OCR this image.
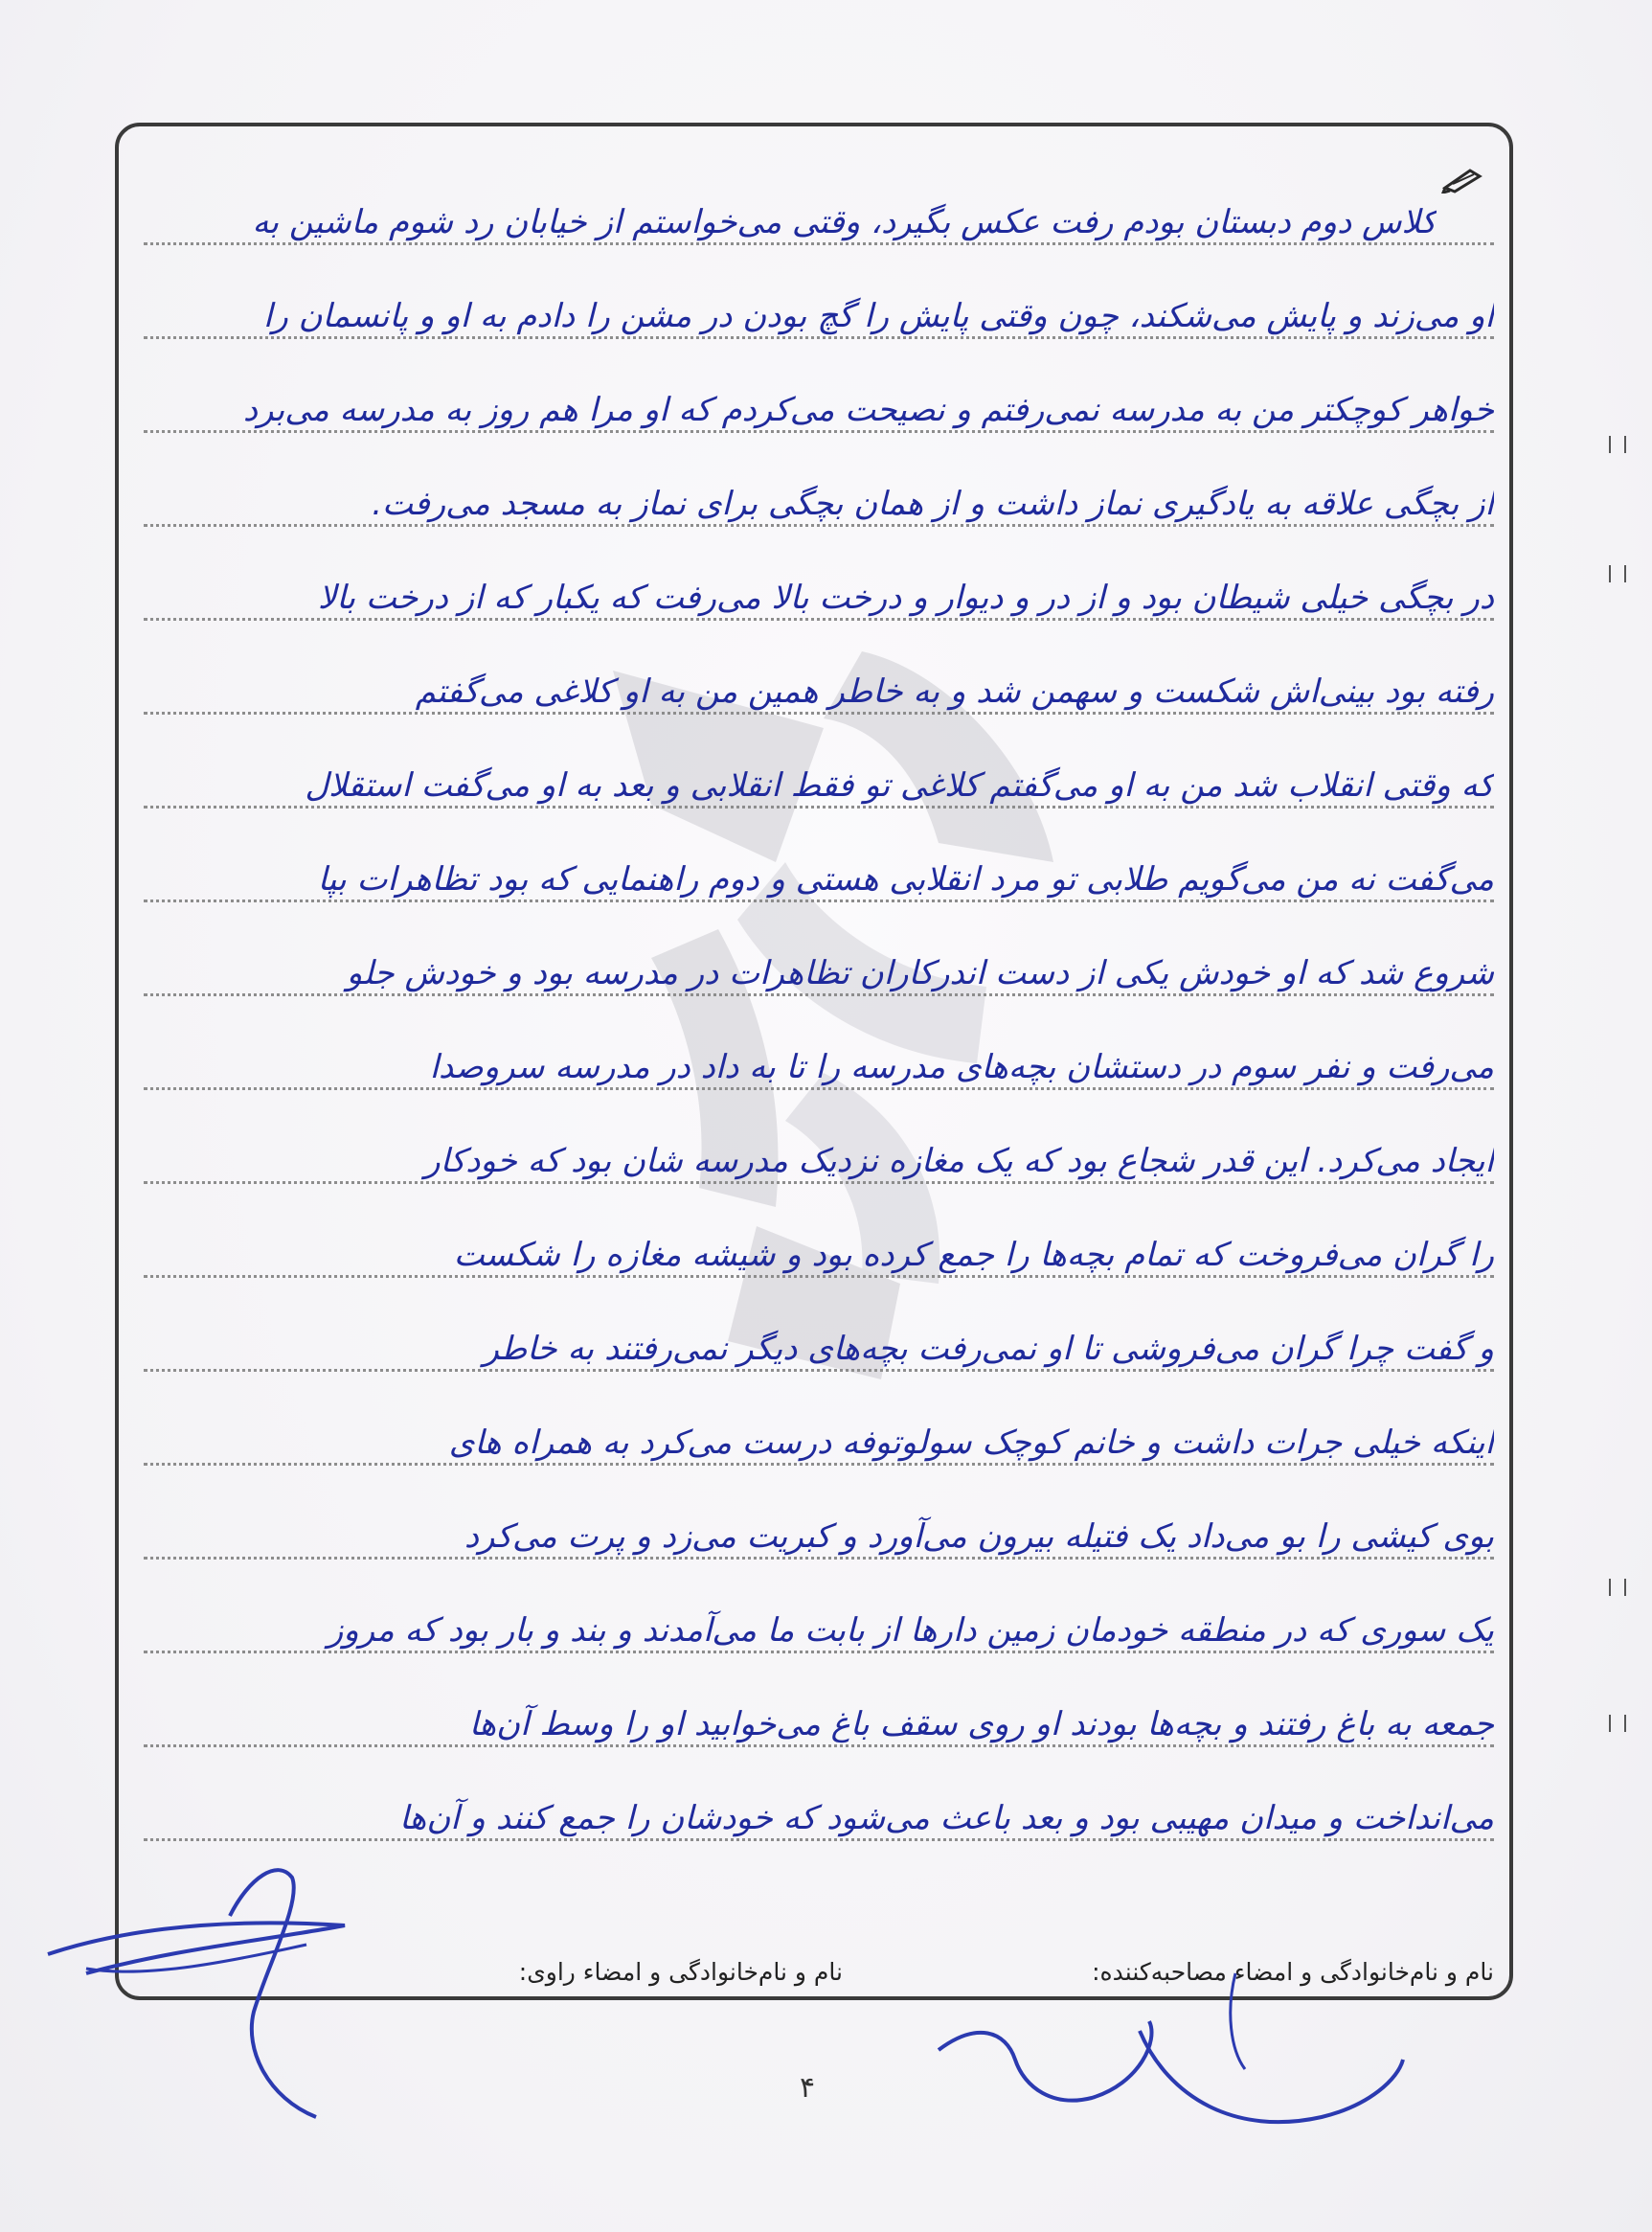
کلاس دوم دبستان بودم رفت عکس بگیرد، وقتی می‌خواستم از خیابان رد شوم ماشین به
او می‌زند و پایش می‌شکند، چون وقتی پایش را گچ بودن در مشن را دادم به او و پانسمان را
خواهر کوچکتر من به مدرسه نمی‌رفتم و نصیحت می‌کردم که او مرا هم روز به مدرسه می‌برد
از بچگی علاقه به یادگیری نماز داشت و از همان بچگی برای نماز به مسجد می‌رفت.
در بچگی خیلی شیطان بود و از در و دیوار و درخت بالا می‌رفت که یکبار که از درخت بالا
رفته بود بینی‌اش شکست و سهمن شد و به خاطر همین من به او کلاغی می‌گفتم
که وقتی انقلاب شد من به او می‌گفتم کلاغی تو فقط انقلابی و بعد به او می‌گفت استقلال
می‌گفت نه من می‌گویم طلابی تو مرد انقلابی هستی و دوم راهنمایی که بود تظاهرات بپا
شروع شد که او خودش یکی از دست اندرکاران تظاهرات در مدرسه بود و خودش جلو
می‌رفت و نفر سوم در دستشان بچه‌های مدرسه را تا به داد در مدرسه سروصدا
ایجاد می‌کرد. این قدر شجاع بود که یک مغازه نزدیک مدرسه شان بود که خودکار
را گران می‌فروخت که تمام بچه‌ها را جمع کرده بود و شیشه مغازه را شکست
و گفت چرا گران می‌فروشی تا او نمی‌رفت بچه‌های دیگر نمی‌رفتند به خاطر
اینکه خیلی جرات داشت و خانم کوچک سولوتوفه درست می‌کرد به همراه های
بوی کیشی را بو می‌داد یک فتیله بیرون می‌آورد و کبریت می‌زد و پرت می‌کرد
یک سوری که در منطقه خودمان زمین دارها از بابت ما می‌آمدند و بند و بار بود که مروز
جمعه به باغ رفتند و بچه‌ها بودند او روی سقف باغ می‌خوابید او را وسط آن‌ها
می‌انداخت و میدان مهیبی بود و بعد باعث می‌شود که خودشان را جمع کنند و آن‌ها
نام و نام‌خانوادگی و امضاء مصاحبه‌کننده:
نام و نام‌خانوادگی و امضاء راوی:
۴
